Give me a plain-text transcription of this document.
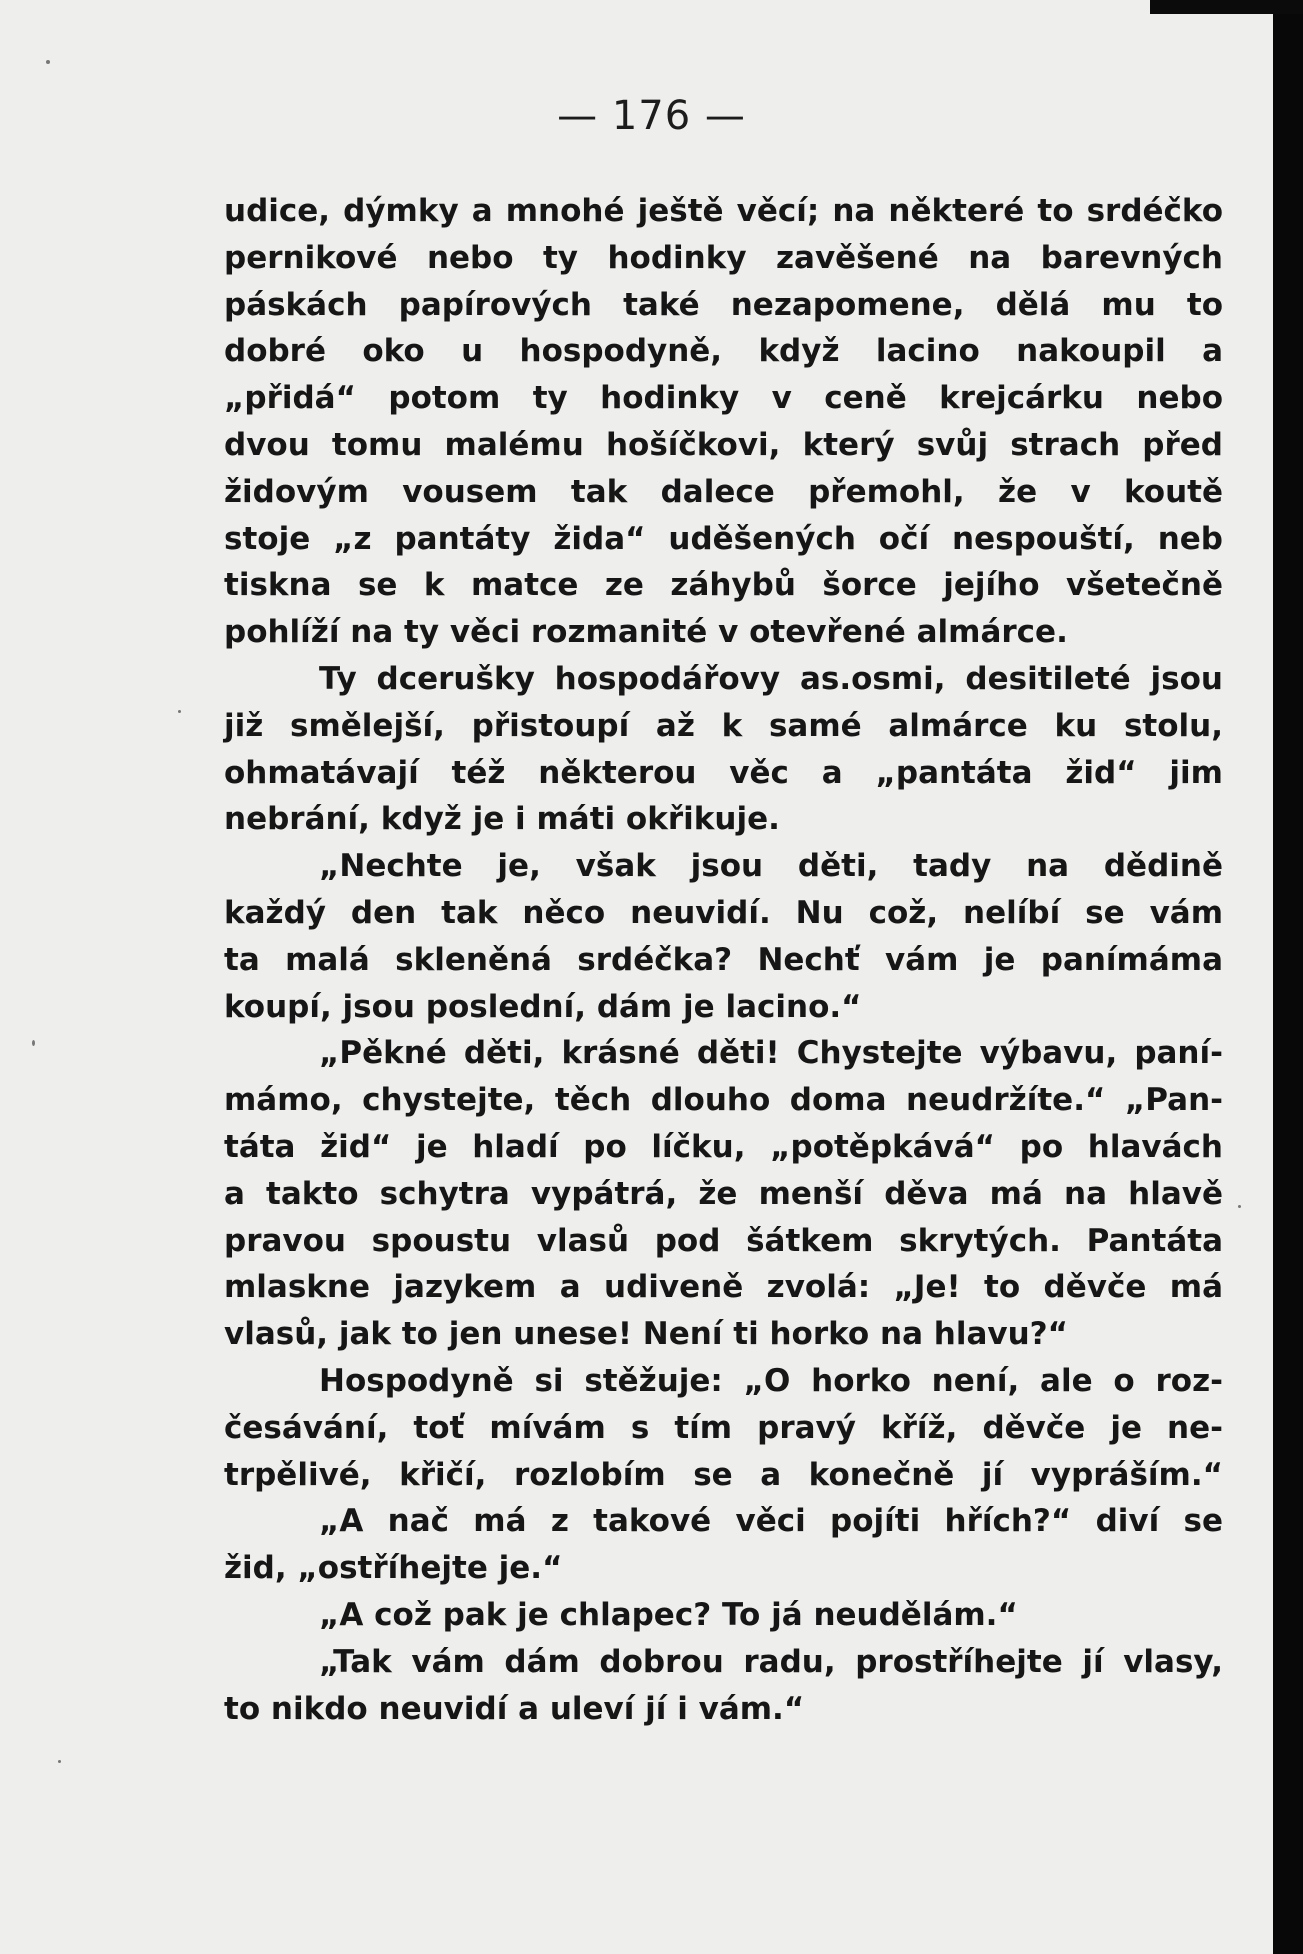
— 176 —
udice, dýmky a mnohé ještě věcí; na některé to srdéčko
pernikové nebo ty hodinky zavěšené na barevných
páskách papírových také nezapomene, dělá mu to
dobré oko u hospodyně, když lacino nakoupil a
„přidá“ potom ty hodinky v ceně krejcárku nebo
dvou tomu malému hošíčkovi, který svůj strach před
židovým vousem tak dalece přemohl, že v koutě
stoje „z pantáty žida“ uděšených očí nespouští, neb
tiskna se k matce ze záhybů šorce jejího všetečně
pohlíží na ty věci rozmanité v otevřené almárce.
Ty dcerušky hospodářovy as.osmi, desitileté jsou
již smělejší, přistoupí až k samé almárce ku stolu,
ohmatávají též některou věc a „pantáta žid“ jim
nebrání, když je i máti okřikuje.
„Nechte je, však jsou děti, tady na dědině
každý den tak něco neuvidí. Nu což, nelíbí se vám
ta malá skleněná srdéčka? Nechť vám je panímáma
koupí, jsou poslední, dám je lacino.“
„Pěkné děti, krásné děti! Chystejte výbavu, paní-
mámo, chystejte, těch dlouho doma neudržíte.“ „Pan-
táta žid“ je hladí po líčku, „potěpkává“ po hlavách
a takto schytra vypátrá, že menší děva má na hlavě
pravou spoustu vlasů pod šátkem skrytých. Pantáta
mlaskne jazykem a udiveně zvolá: „Je! to děvče má
vlasů, jak to jen unese! Není ti horko na hlavu?“
Hospodyně si stěžuje: „O horko není, ale o roz-
česávání, toť mívám s tím pravý kříž, děvče je ne-
trpělivé, křičí, rozlobím se a konečně jí vypráším.“
„A nač má z takové věci pojíti hřích?“ diví se
žid, „ostříhejte je.“
„A což pak je chlapec? To já neudělám.“
„Tak vám dám dobrou radu, prostříhejte jí vlasy,
to nikdo neuvidí a uleví jí i vám.“
